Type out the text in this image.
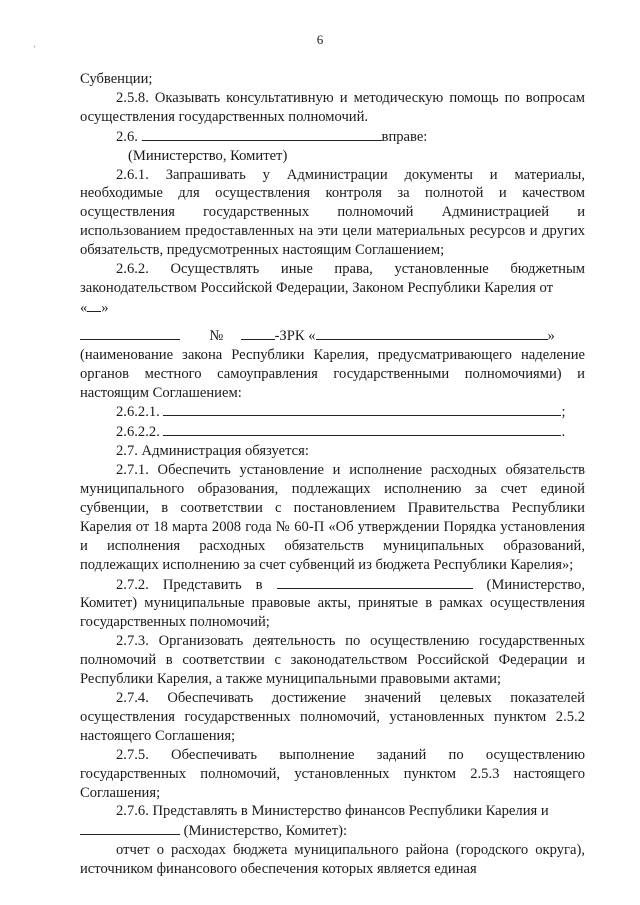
6
'

Субвенции;

2.5.8. Оказывать консультативную и методическую помощь по вопросам осуществления государственных полномочий.

2.6.	вправе:

(Министерство, Комитет)

2.6.1. Запрашивать у Администрации документы и материалы, необходимые для осуществления контроля за полнотой и качеством осуществления государственных полномочий Администрацией и использованием предоставленных на эти цели материальных ресурсов и других обязательств, предусмотренных настоящим Соглашением;

2.6.2. Осуществлять иные права, установленные бюджетным законодательством Российской Федерации, Законом Республики Карелия от

« »

№	-ЗРК «	»

(наименование закона Республики Карелия, предусматривающего наделение органов местного самоуправления государственными полномочиями) и настоящим Соглашением:

2.6.2.1.	;

2.6.2.2.	.

2.7. Администрация обязуется:

2.7.1. Обеспечить установление и исполнение расходных обязательств муниципального образования, подлежащих исполнению за счет единой субвенции, в соответствии с постановлением Правительства Республики Карелия от 18 марта 2008 года № 60-П «Об утверждении Порядка установления и исполнения расходных обязательств муниципальных образований, подлежащих исполнению за счет субвенций из бюджета Республики Карелия»;

2.7.2. Представить в	(Министерство, Комитет) муниципальные правовые акты, принятые в рамках осуществления государственных полномочий;

2.7.3. Организовать деятельность по осуществлению государственных полномочий в соответствии с законодательством Российской Федерации и Республики Карелия, а также муниципальными правовыми актами;

2.7.4. Обеспечивать достижение значений целевых показателей осуществления государственных полномочий, установленных пунктом 2.5.2 настоящего Соглашения;

2.7.5. Обеспечивать выполнение заданий по осуществлению государственных полномочий, установленных пунктом 2.5.3 настоящего Соглашения;

2.7.6. Представлять в Министерство финансов Республики Карелия и

(Министерство, Комитет):

отчет о расходах бюджета муниципального района (городского округа), источником финансового обеспечения которых является единая
